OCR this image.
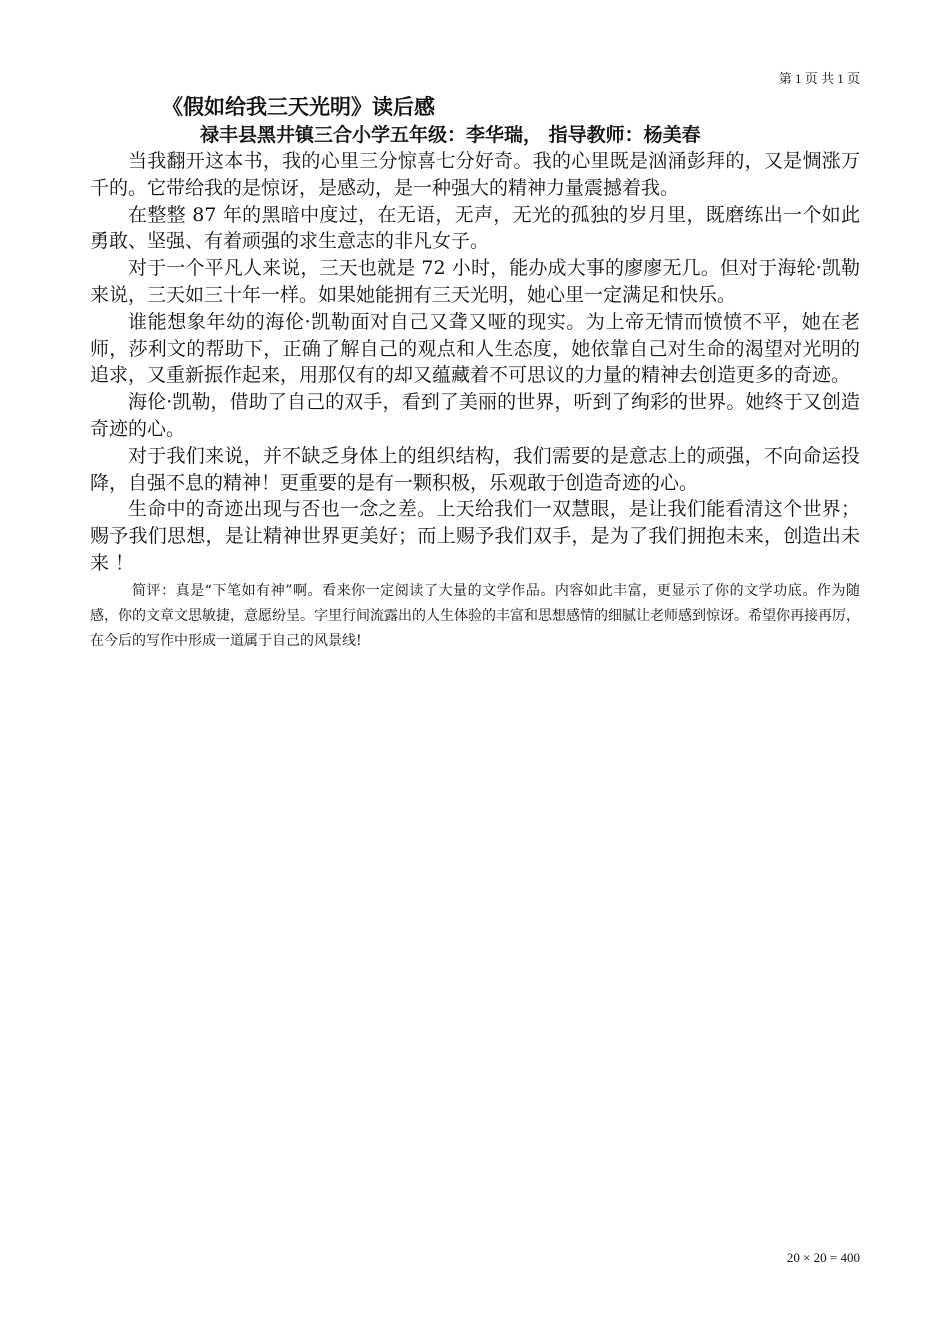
第 1 页 共 1 页
《假如给我三天光明》读后感
禄丰县黑井镇三合小学五年级：李华瑞， 指导教师：杨美春

当我翻开这本书，我的心里三分惊喜七分好奇。我的心里既是汹涌彭拜的，又是惆涨万千的。它带给我的是惊讶，是感动，是一种强大的精神力量震撼着我。

在整整 87 年的黑暗中度过，在无语，无声，无光的孤独的岁月里，既磨练出一个如此勇敢、坚强、有着顽强的求生意志的非凡女子。

对于一个平凡人来说，三天也就是 72 小时，能办成大事的廖廖无几。但对于海轮·凯勒来说，三天如三十年一样。如果她能拥有三天光明，她心里一定满足和快乐。

谁能想象年幼的海伦·凯勒面对自己又聋又哑的现实。为上帝无情而愤愤不平，她在老师，莎利文的帮助下，正确了解自己的观点和人生态度，她依靠自己对生命的渴望对光明的追求，又重新振作起来，用那仅有的却又蕴藏着不可思议的力量的精神去创造更多的奇迹。

海伦·凯勒，借助了自己的双手，看到了美丽的世界，听到了绚彩的世界。她终于又创造奇迹的心。

对于我们来说，并不缺乏身体上的组织结构，我们需要的是意志上的顽强，不向命运投降，自强不息的精神！更重要的是有一颗积极，乐观敢于创造奇迹的心。

生命中的奇迹出现与否也一念之差。上天给我们一双慧眼，是让我们能看清这个世界；赐予我们思想，是让精神世界更美好；而上赐予我们双手，是为了我们拥抱未来，创造出未来 ！

简评：真是“下笔如有神”啊。看来你一定阅读了大量的文学作品。内容如此丰富，更显示了你的文学功底。作为随感，你的文章文思敏捷，意愿纷呈。字里行间流露出的人生体验的丰富和思想感情的细腻让老师感到惊讶。希望你再接再厉，在今后的写作中形成一道属于自己的风景线!

20 × 20 = 400
